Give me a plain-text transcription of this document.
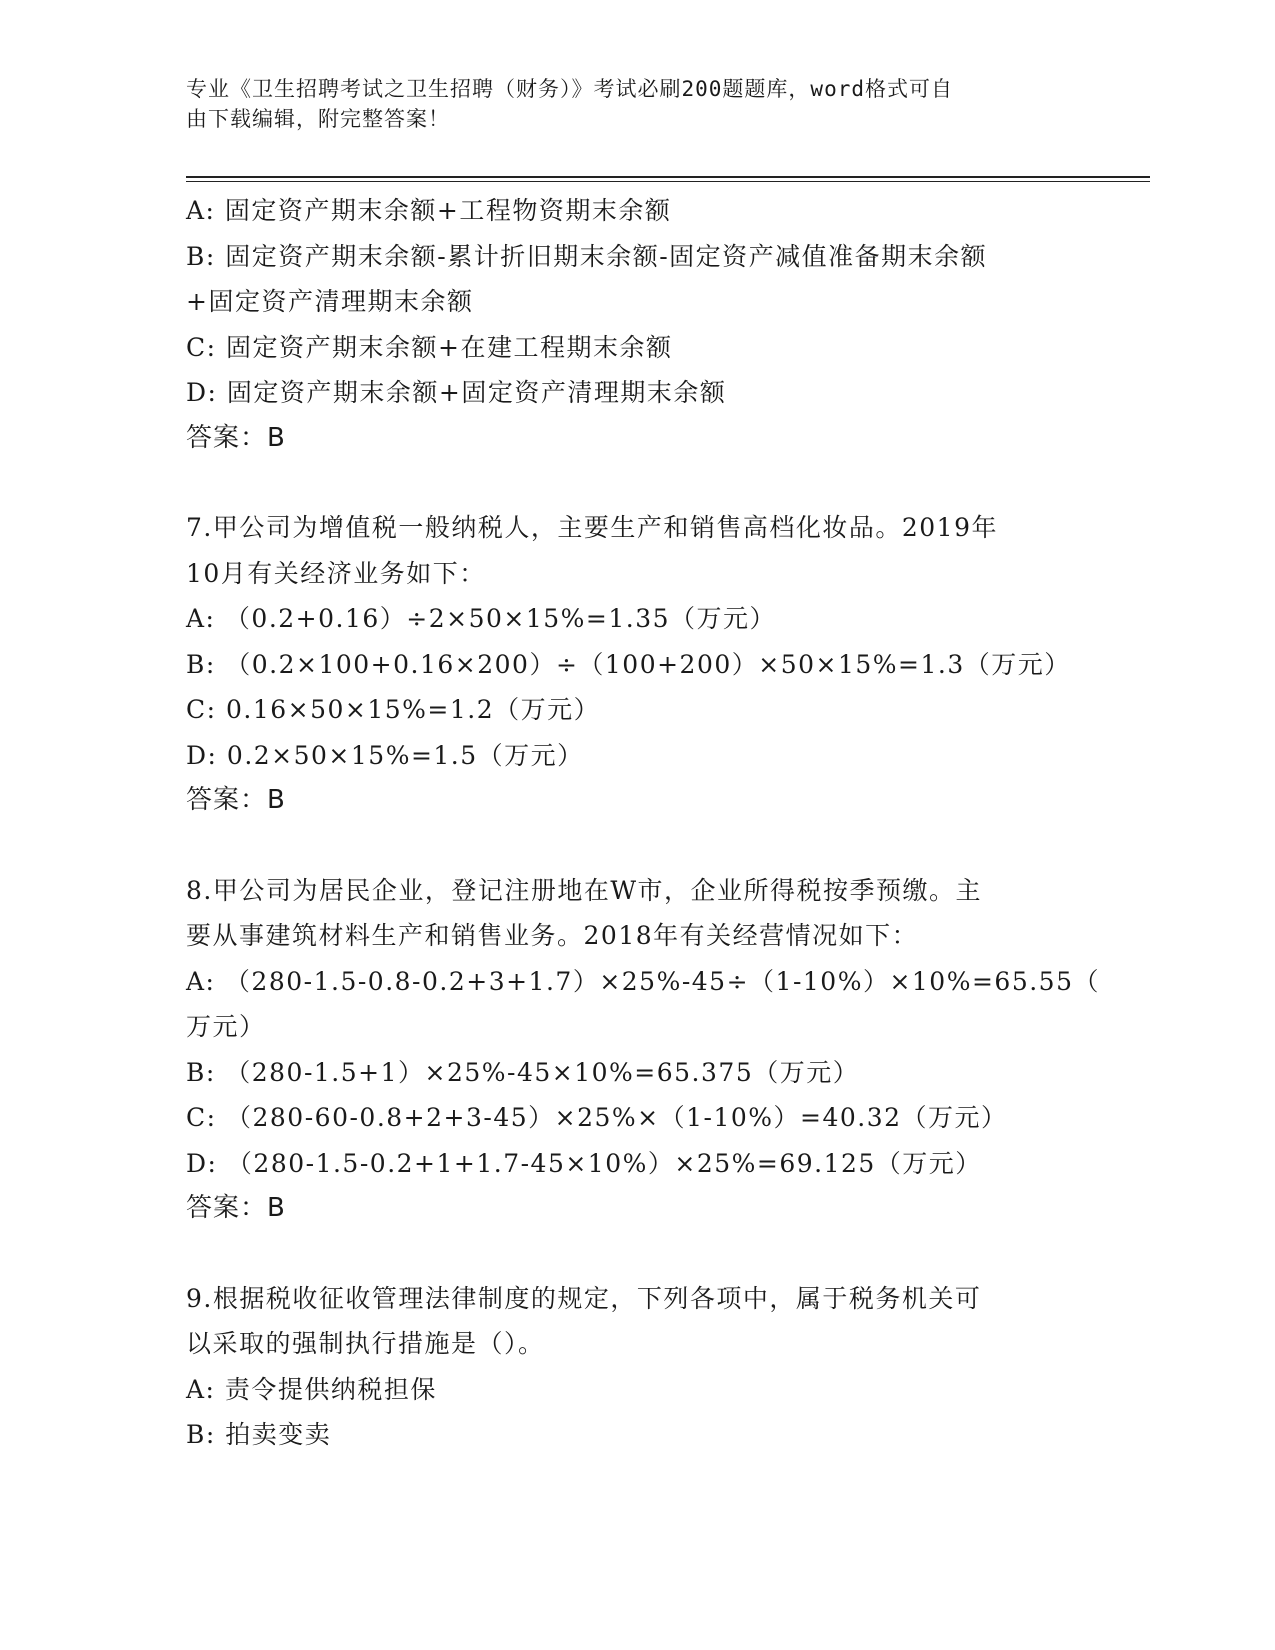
专业《卫生招聘考试之卫生招聘（财务）》考试必刷200题题库，word格式可自
由下载编辑，附完整答案！
A: 固定资产期末余额+工程物资期末余额
B: 固定资产期末余额-累计折旧期末余额-固定资产减值准备期末余额
+固定资产清理期末余额
C: 固定资产期末余额+在建工程期末余额
D: 固定资产期末余额+固定资产清理期末余额
答案：B
7.甲公司为增值税一般纳税人，主要生产和销售高档化妆品。2019年
10月有关经济业务如下：
A: （0.2+0.16）÷2×50×15%=1.35（万元）
B: （0.2×100+0.16×200）÷（100+200）×50×15%=1.3（万元）
C: 0.16×50×15%=1.2（万元）
D: 0.2×50×15%=1.5（万元）
答案：B
8.甲公司为居民企业，登记注册地在W市，企业所得税按季预缴。主
要从事建筑材料生产和销售业务。2018年有关经营情况如下：
A: （280-1.5-0.8-0.2+3+1.7）×25%-45÷（1-10%）×10%=65.55（
万元）
B: （280-1.5+1）×25%-45×10%=65.375（万元）
C: （280-60-0.8+2+3-45）×25%×（1-10%）=40.32（万元）
D: （280-1.5-0.2+1+1.7-45×10%）×25%=69.125（万元）
答案：B
9.根据税收征收管理法律制度的规定，下列各项中，属于税务机关可
以采取的强制执行措施是（）。
A: 责令提供纳税担保
B: 拍卖变卖
